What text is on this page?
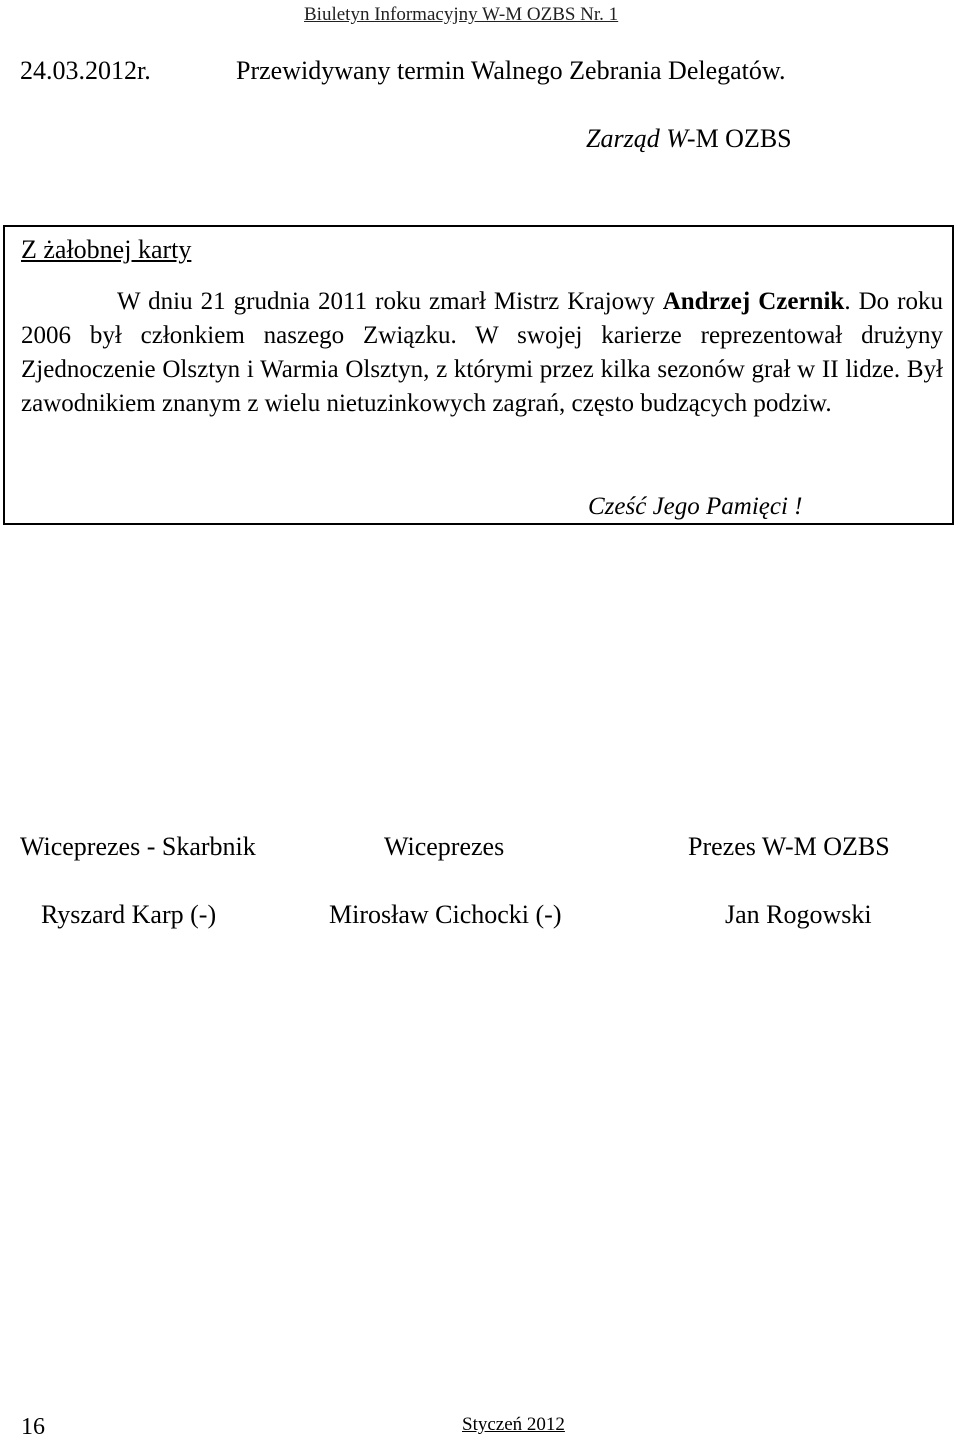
Biuletyn Informacyjny W-M OZBS Nr. 1
24.03.2012r.	Przewidywany termin Walnego Zebrania Delegatów.
Zarząd W-M OZBS
Z żałobnej karty

W dniu 21 grudnia 2011 roku zmarł Mistrz Krajowy Andrzej Czernik. Do roku 2006 był członkiem naszego Związku. W swojej karierze reprezentował drużyny Zjednoczenie Olsztyn i Warmia Olsztyn, z którymi przez kilka sezonów grał w II lidze. Był zawodnikiem znanym z wielu nietuzinkowych zagrań, często budzących podziw.

Cześć Jego Pamięci !
Wiceprezes - Skarbnik	Wiceprezes	Prezes W-M OZBS
Ryszard Karp (-)	Mirosław Cichocki (-)	Jan Rogowski
16	Styczeń 2012
